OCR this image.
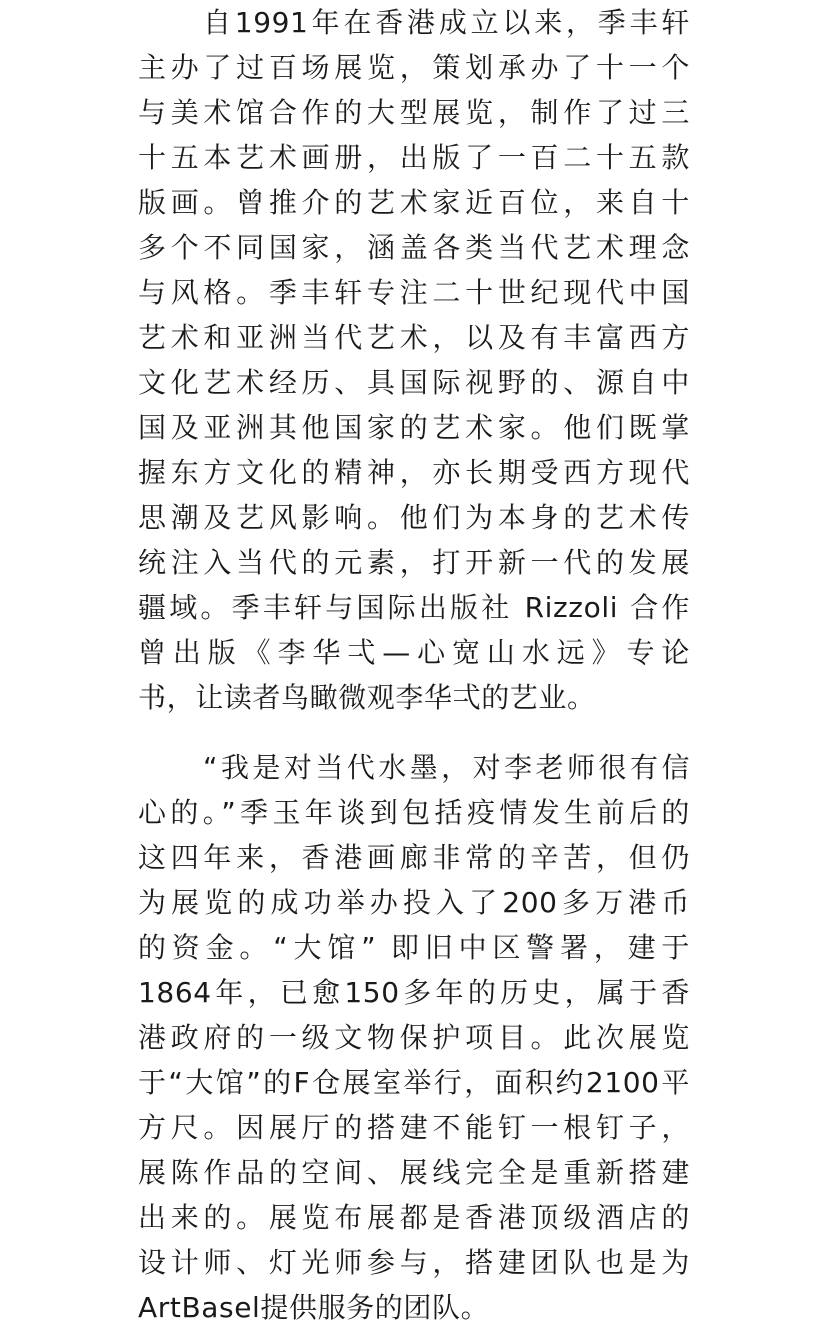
自1991年在香港成立以来，季丰轩
主办了过百场展览，策划承办了十一个
与美术馆合作的大型展览，制作了过三
十五本艺术画册，出版了一百二十五款
版画。曾推介的艺术家近百位，来自十
多个不同国家，涵盖各类当代艺术理念
与风格。季丰轩专注二十世纪现代中国
艺术和亚洲当代艺术，以及有丰富西方
文化艺术经历、具国际视野的、源自中
国及亚洲其他国家的艺术家。他们既掌
握东方文化的精神，亦长期受西方现代
思潮及艺风影响。他们为本身的艺术传
统注入当代的元素，打开新一代的发展
疆域。季丰轩与国际出版社 Rizzoli 合作
曾出版《李华弌—心宽山水远》专论
书，让读者鸟瞰微观李华弌的艺业。
“我是对当代水墨，对李老师很有信
心的。”季玉年谈到包括疫情发生前后的
这四年来，香港画廊非常的辛苦，但仍
为展览的成功举办投入了200多万港币
的资金。“大馆” 即旧中区警署，建于
1864年，已愈150多年的历史，属于香
港政府的一级文物保护项目。此次展览
于“大馆”的F仓展室举行，面积约2100平
方尺。因展厅的搭建不能钉一根钉子，
展陈作品的空间、展线完全是重新搭建
出来的。展览布展都是香港顶级酒店的
设计师、灯光师参与，搭建团队也是为
ArtBasel提供服务的团队。
